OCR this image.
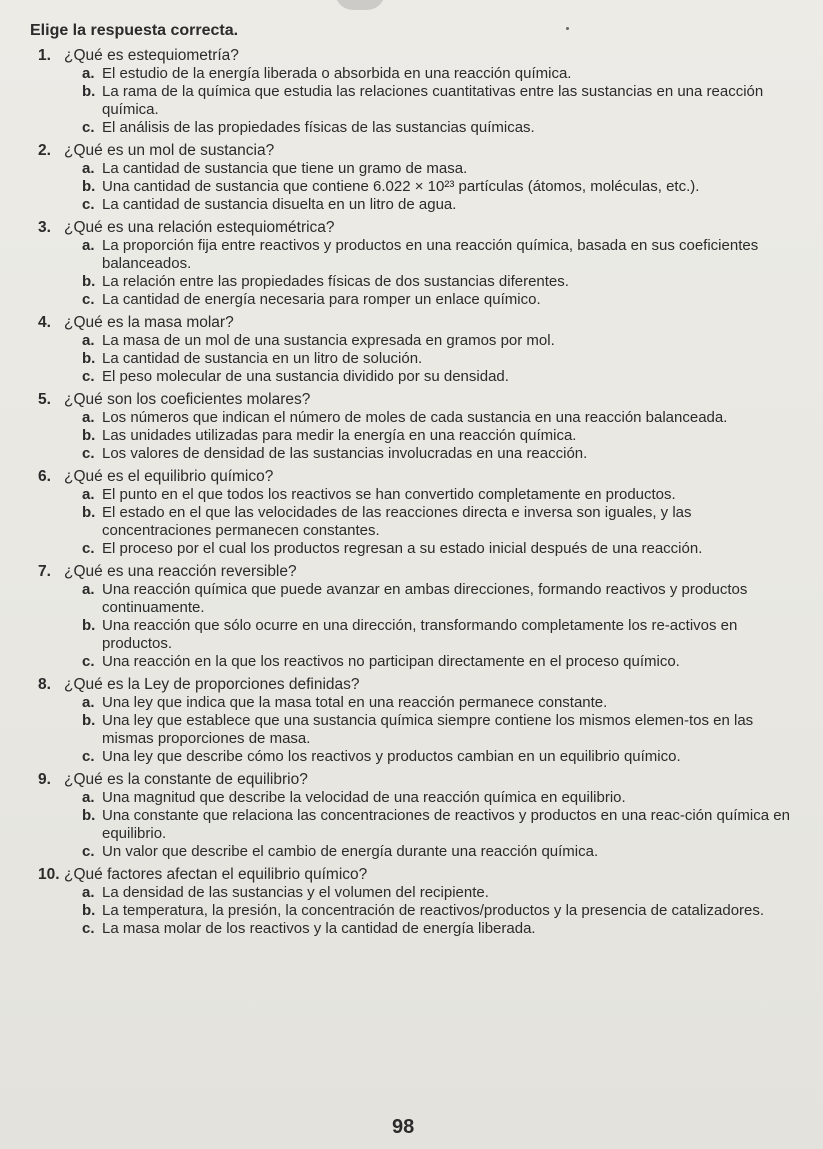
Elige la respuesta correcta.
1. ¿Qué es estequiometría?
a. El estudio de la energía liberada o absorbida en una reacción química.
b. La rama de la química que estudia las relaciones cuantitativas entre las sustancias en una reacción química.
c. El análisis de las propiedades físicas de las sustancias químicas.
2. ¿Qué es un mol de sustancia?
a. La cantidad de sustancia que tiene un gramo de masa.
b. Una cantidad de sustancia que contiene 6.022 × 10²³ partículas (átomos, moléculas, etc.).
c. La cantidad de sustancia disuelta en un litro de agua.
3. ¿Qué es una relación estequiométrica?
a. La proporción fija entre reactivos y productos en una reacción química, basada en sus coeficientes balanceados.
b. La relación entre las propiedades físicas de dos sustancias diferentes.
c. La cantidad de energía necesaria para romper un enlace químico.
4. ¿Qué es la masa molar?
a. La masa de un mol de una sustancia expresada en gramos por mol.
b. La cantidad de sustancia en un litro de solución.
c. El peso molecular de una sustancia dividido por su densidad.
5. ¿Qué son los coeficientes molares?
a. Los números que indican el número de moles de cada sustancia en una reacción balanceada.
b. Las unidades utilizadas para medir la energía en una reacción química.
c. Los valores de densidad de las sustancias involucradas en una reacción.
6. ¿Qué es el equilibrio químico?
a. El punto en el que todos los reactivos se han convertido completamente en productos.
b. El estado en el que las velocidades de las reacciones directa e inversa son iguales, y las concentraciones permanecen constantes.
c. El proceso por el cual los productos regresan a su estado inicial después de una reacción.
7. ¿Qué es una reacción reversible?
a. Una reacción química que puede avanzar en ambas direcciones, formando reactivos y productos continuamente.
b. Una reacción que sólo ocurre en una dirección, transformando completamente los re-activos en productos.
c. Una reacción en la que los reactivos no participan directamente en el proceso químico.
8. ¿Qué es la Ley de proporciones definidas?
a. Una ley que indica que la masa total en una reacción permanece constante.
b. Una ley que establece que una sustancia química siempre contiene los mismos elemen-tos en las mismas proporciones de masa.
c. Una ley que describe cómo los reactivos y productos cambian en un equilibrio químico.
9. ¿Qué es la constante de equilibrio?
a. Una magnitud que describe la velocidad de una reacción química en equilibrio.
b. Una constante que relaciona las concentraciones de reactivos y productos en una reac-ción química en equilibrio.
c. Un valor que describe el cambio de energía durante una reacción química.
10. ¿Qué factores afectan el equilibrio químico?
a. La densidad de las sustancias y el volumen del recipiente.
b. La temperatura, la presión, la concentración de reactivos/productos y la presencia de catalizadores.
c. La masa molar de los reactivos y la cantidad de energía liberada.
98
